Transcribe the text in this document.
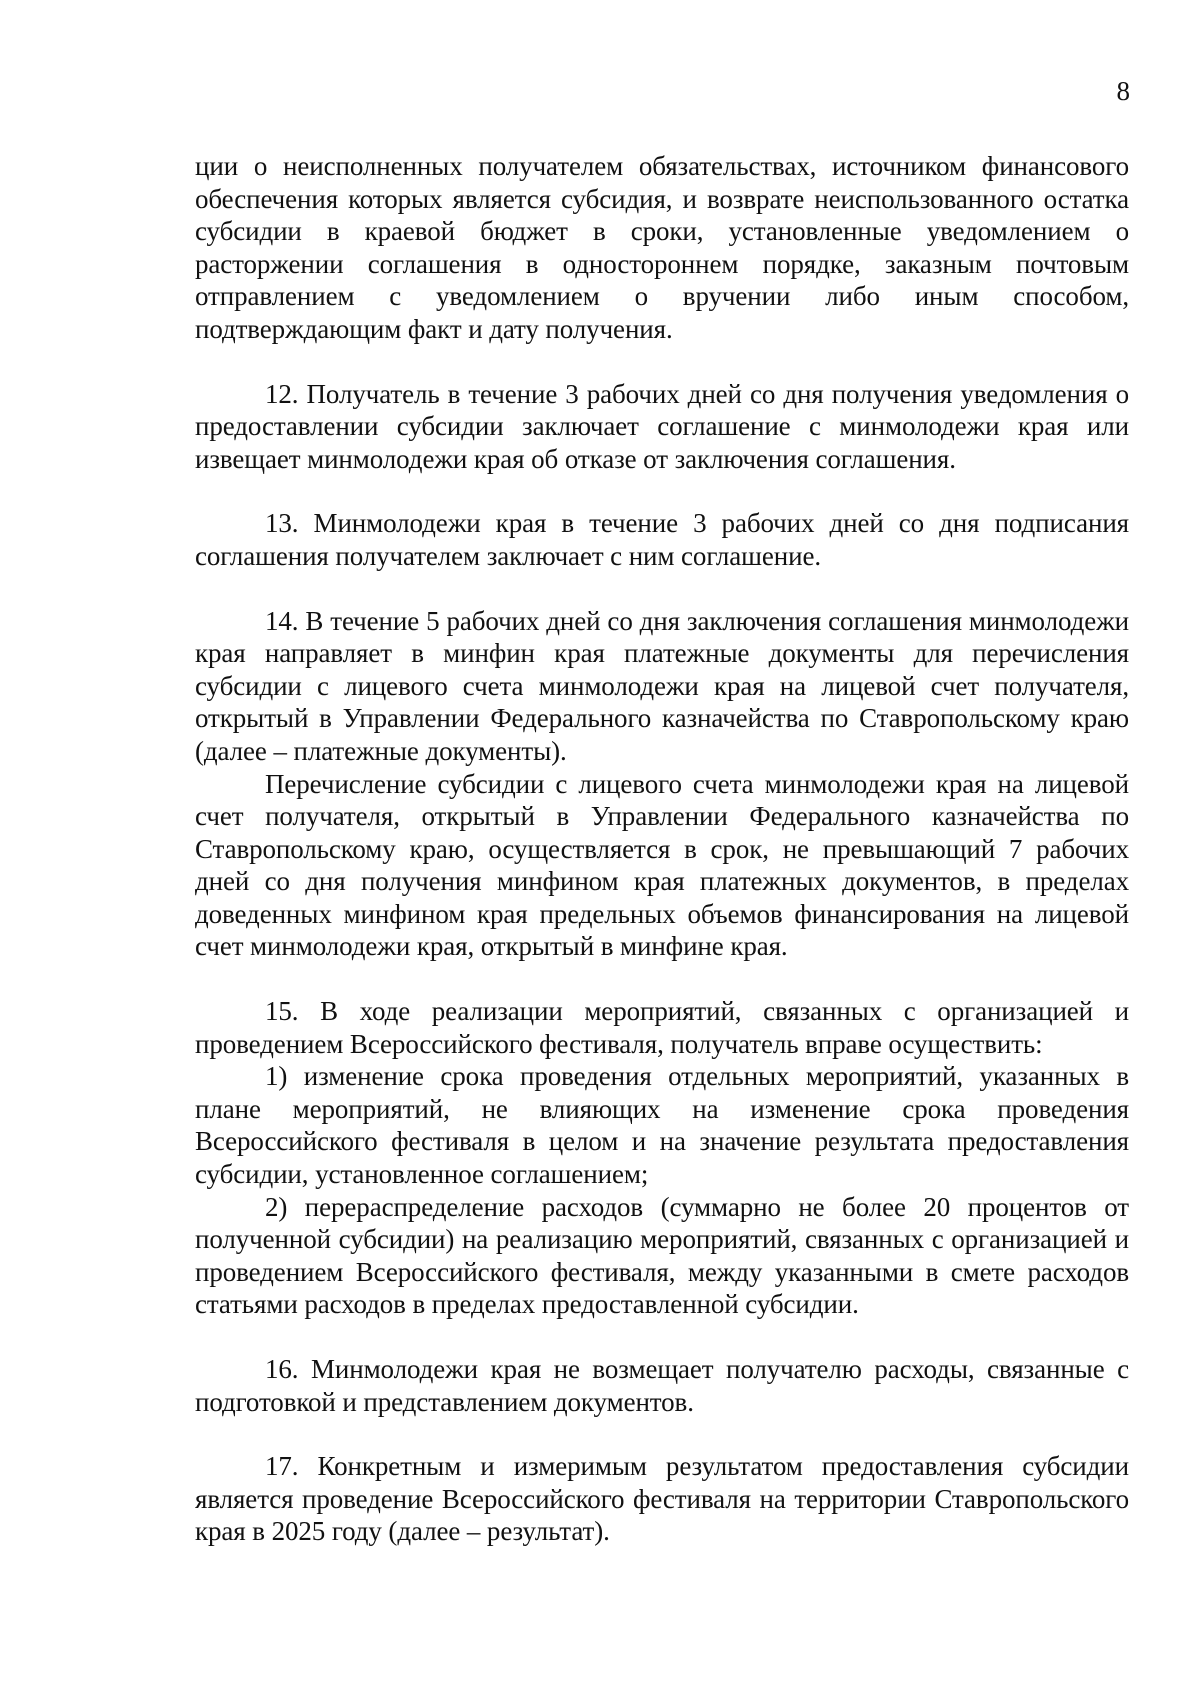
8

ции о неисполненных получателем обязательствах, источником финансового обеспечения которых является субсидия, и возврате неиспользованного остатка субсидии в краевой бюджет в сроки, установленные уведомлением о расторжении соглашения в одностороннем порядке, заказным почтовым отправлением с уведомлением о вручении либо иным способом, подтверждающим факт и дату получения.

12. Получатель в течение 3 рабочих дней со дня получения уведомления о предоставлении субсидии заключает соглашение с минмолодежи края или извещает минмолодежи края об отказе от заключения соглашения.

13. Минмолодежи края в течение 3 рабочих дней со дня подписания соглашения получателем заключает с ним соглашение.

14. В течение 5 рабочих дней со дня заключения соглашения минмолодежи края направляет в минфин края платежные документы для перечисления субсидии с лицевого счета минмолодежи края на лицевой счет получателя, открытый в Управлении Федерального казначейства по Ставропольскому краю (далее – платежные документы).

Перечисление субсидии с лицевого счета минмолодежи края на лицевой счет получателя, открытый в Управлении Федерального казначейства по Ставропольскому краю, осуществляется в срок, не превышающий 7 рабочих дней со дня получения минфином края платежных документов, в пределах доведенных минфином края предельных объемов финансирования на лицевой счет минмолодежи края, открытый в минфине края.

15. В ходе реализации мероприятий, связанных с организацией и проведением Всероссийского фестиваля, получатель вправе осуществить:

1) изменение срока проведения отдельных мероприятий, указанных в плане мероприятий, не влияющих на изменение срока проведения Всероссийского фестиваля в целом и на значение результата предоставления субсидии, установленное соглашением;

2) перераспределение расходов (суммарно не более 20 процентов от полученной субсидии) на реализацию мероприятий, связанных с организацией и проведением Всероссийского фестиваля, между указанными в смете расходов статьями расходов в пределах предоставленной субсидии.

16. Минмолодежи края не возмещает получателю расходы, связанные с подготовкой и представлением документов.

17. Конкретным и измеримым результатом предоставления субсидии является проведение Всероссийского фестиваля на территории Ставропольского края в 2025 году (далее – результат).
